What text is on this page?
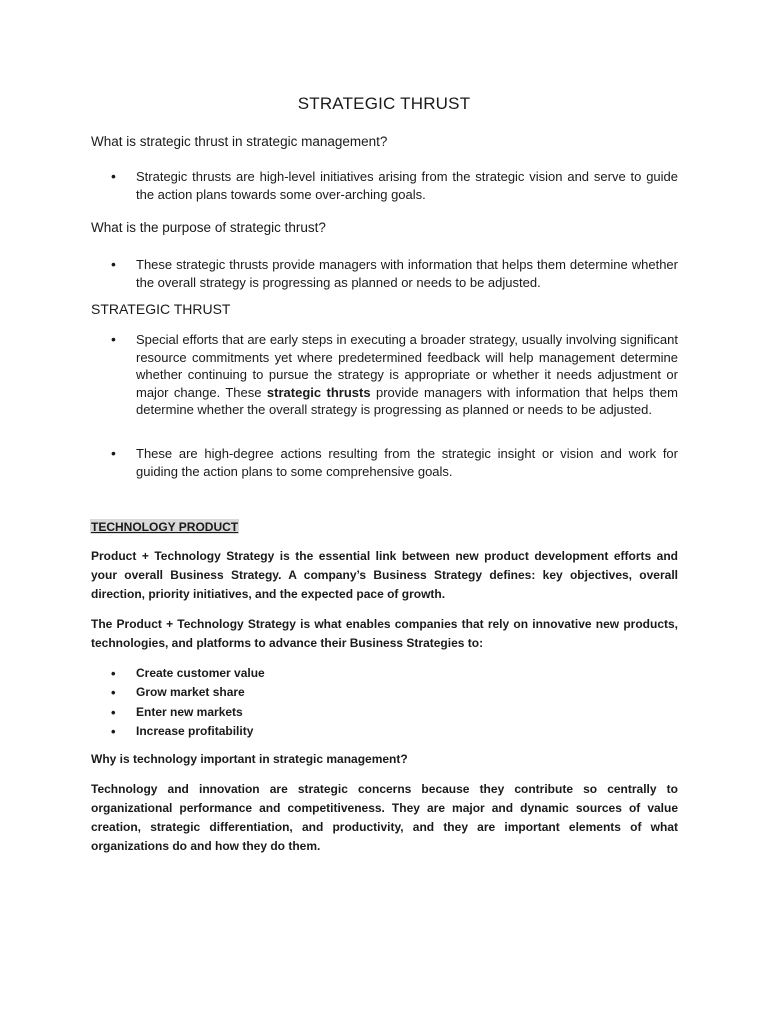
STRATEGIC THRUST
What is strategic thrust in strategic management?
• Strategic thrusts are high-level initiatives arising from the strategic vision and serve to guide the action plans towards some over-arching goals.
What is the purpose of strategic thrust?
• These strategic thrusts provide managers with information that helps them determine whether the overall strategy is progressing as planned or needs to be adjusted.
STRATEGIC THRUST
• Special efforts that are early steps in executing a broader strategy, usually involving significant resource commitments yet where predetermined feedback will help management determine whether continuing to pursue the strategy is appropriate or whether it needs adjustment or major change. These strategic thrusts provide managers with information that helps them determine whether the overall strategy is progressing as planned or needs to be adjusted.
• These are high-degree actions resulting from the strategic insight or vision and work for guiding the action plans to some comprehensive goals.
TECHNOLOGY PRODUCT
Product + Technology Strategy is the essential link between new product development efforts and your overall Business Strategy. A company’s Business Strategy defines: key objectives, overall direction, priority initiatives, and the expected pace of growth.
The Product + Technology Strategy is what enables companies that rely on innovative new products, technologies, and platforms to advance their Business Strategies to:
• Create customer value
• Grow market share
• Enter new markets
• Increase profitability
Why is technology important in strategic management?
Technology and innovation are strategic concerns because they contribute so centrally to organizational performance and competitiveness. They are major and dynamic sources of value creation, strategic differentiation, and productivity, and they are important elements of what organizations do and how they do them.
